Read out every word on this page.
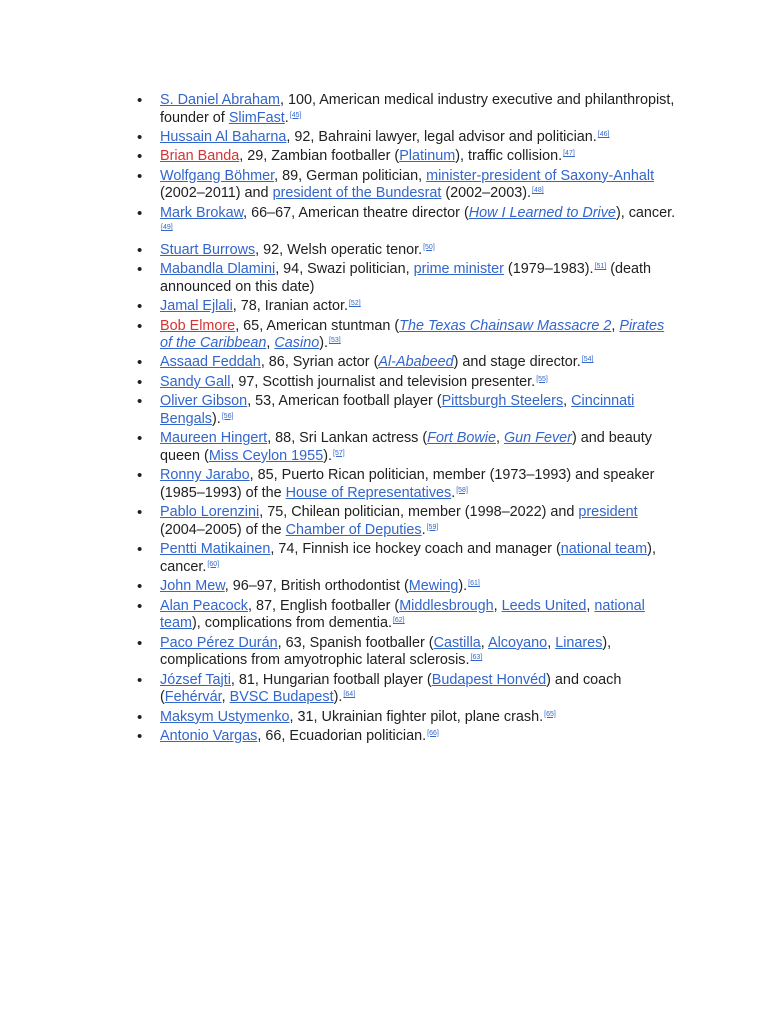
• S. Daniel Abraham, 100, American medical industry executive and philanthropist, founder of SlimFast.[45]
• Hussain Al Baharna, 92, Bahraini lawyer, legal advisor and politician.[46]
• Brian Banda, 29, Zambian footballer (Platinum), traffic collision.[47]
• Wolfgang Böhmer, 89, German politician, minister-president of Saxony-Anhalt (2002–2011) and president of the Bundesrat (2002–2003).[48]
• Mark Brokaw, 66–67, American theatre director (How I Learned to Drive), cancer.[49]
• Stuart Burrows, 92, Welsh operatic tenor.[50]
• Mabandla Dlamini, 94, Swazi politician, prime minister (1979–1983).[51] (death announced on this date)
• Jamal Ejlali, 78, Iranian actor.[52]
• Bob Elmore, 65, American stuntman (The Texas Chainsaw Massacre 2, Pirates of the Caribbean, Casino).[53]
• Assaad Feddah, 86, Syrian actor (Al-Ababeed) and stage director.[54]
• Sandy Gall, 97, Scottish journalist and television presenter.[55]
• Oliver Gibson, 53, American football player (Pittsburgh Steelers, Cincinnati Bengals).[56]
• Maureen Hingert, 88, Sri Lankan actress (Fort Bowie, Gun Fever) and beauty queen (Miss Ceylon 1955).[57]
• Ronny Jarabo, 85, Puerto Rican politician, member (1973–1993) and speaker (1985–1993) of the House of Representatives.[58]
• Pablo Lorenzini, 75, Chilean politician, member (1998–2022) and president (2004–2005) of the Chamber of Deputies.[59]
• Pentti Matikainen, 74, Finnish ice hockey coach and manager (national team), cancer.[60]
• John Mew, 96–97, British orthodontist (Mewing).[61]
• Alan Peacock, 87, English footballer (Middlesbrough, Leeds United, national team), complications from dementia.[62]
• Paco Pérez Durán, 63, Spanish footballer (Castilla, Alcoyano, Linares), complications from amyotrophic lateral sclerosis.[63]
• József Tajti, 81, Hungarian football player (Budapest Honvéd) and coach (Fehérvár, BVSC Budapest).[64]
• Maksym Ustymenko, 31, Ukrainian fighter pilot, plane crash.[65]
• Antonio Vargas, 66, Ecuadorian politician.[66]
